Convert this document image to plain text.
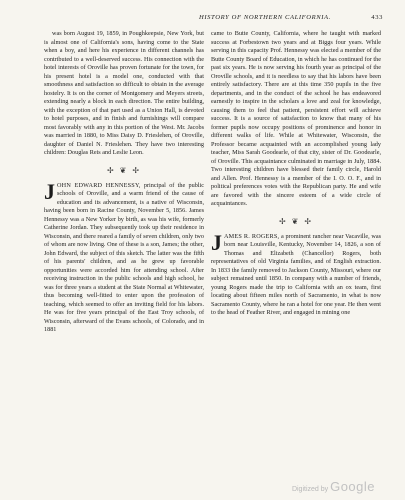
HISTORY OF NORTHERN CALIFORNIA.	433

was born August 19, 1859, in Poughkeepsie, New York, but is almost one of California's sons, having come to the State when a boy, and here his experience in different channels has contributed to a well-deserved success. His connection with the hotel interests of Oroville has proven fortunate for the town, for his present hotel is a model one, conducted with that smoothness and satisfaction so difficult to obtain in the average hostelry. It is on the corner of Montgomery and Meyers streets, extending nearly a block in each direction. The entire building, with the exception of that part used as a Union Hall, is devoted to hotel purposes, and in finish and furnishings will compare most favorably with any in this portion of the West. Mr. Jacobs was married in 1880, to Miss Daisy D. Frieslehen, of Oroville, daughter of Daniel N. Frieslehen. They have two interesting children: Douglas Reis and Leslie Leon.

✢ ❦ ✢

JOHN EDWARD HENNESSY, principal of the public schools of Oroville, and a warm friend of the cause of education and its advancement, is a native of Wisconsin, having been born in Racine County, November 5, 1856. James Hennessy was a New Yorker by birth, as was his wife, formerly Catherine Jordan. They subsequently took up their residence in Wisconsin, and there reared a family of seven children, only two of whom are now living. One of these is a son, James; the other, John Edward, the subject of this sketch. The latter was the fifth of his parents' children, and as he grew up favorable opportunities were accorded him for attending school. After receiving instruction in the public schools and high school, he was for three years a student at the State Normal at Whitewater, thus becoming well-fitted to enter upon the profession of teaching, which seemed to offer an inviting field for his labors. He was for five years principal of the East Troy schools, of Wisconsin, afterward of the Evans schools, of Colorado, and in 1881

came to Butte County, California, where he taught with marked success at Forbestown two years and at Biggs four years. While serving in this capacity Prof. Hennessy was elected a member of the Butte County Board of Education, in which he has continued for the past six years. He is now serving his fourth year as principal of the Oroville schools, and it is needless to say that his labors have been entirely satisfactory. There are at this time 350 pupils in the five departments, and in the conduct of the school he has endeavored earnestly to inspire in the scholars a love and zeal for knowledge, causing them to feel that patient, persistent effort will achieve success. It is a source of satisfaction to know that many of his former pupils now occupy positions of prominence and honor in different walks of life. While at Whitewater, Wisconsin, the Professor became acquainted with an accomplished young lady teacher, Miss Sarah Goodearle, of that city, sister of Dr. Goodearle, of Oroville. This acquaintance culminated in marriage in July, 1884. Two interesting children have blessed their family circle, Harold and Allen. Prof. Hennessy is a member of the I. O. O. F., and in political preferences votes with the Republican party. He and wife are favored with the sincere esteem of a wide circle of acquaintances.

✢ ❦ ✢

JAMES R. ROGERS, a prominent rancher near Vacaville, was born near Louisville, Kentucky, November 14, 1826, a son of Thomas and Elizabeth (Chancellor) Rogers, both representatives of old Virginia families, and of English extraction. In 1833 the family removed to Jackson County, Missouri, where our subject remained until 1850. In company with a number of friends, young Rogers made the trip to California with an ox team, first locating about fifteen miles north of Sacramento, in what is now Sacramento County, where he ran a hotel for one year. He then went to the head of Feather River, and engaged in mining one

Digitized by Google
